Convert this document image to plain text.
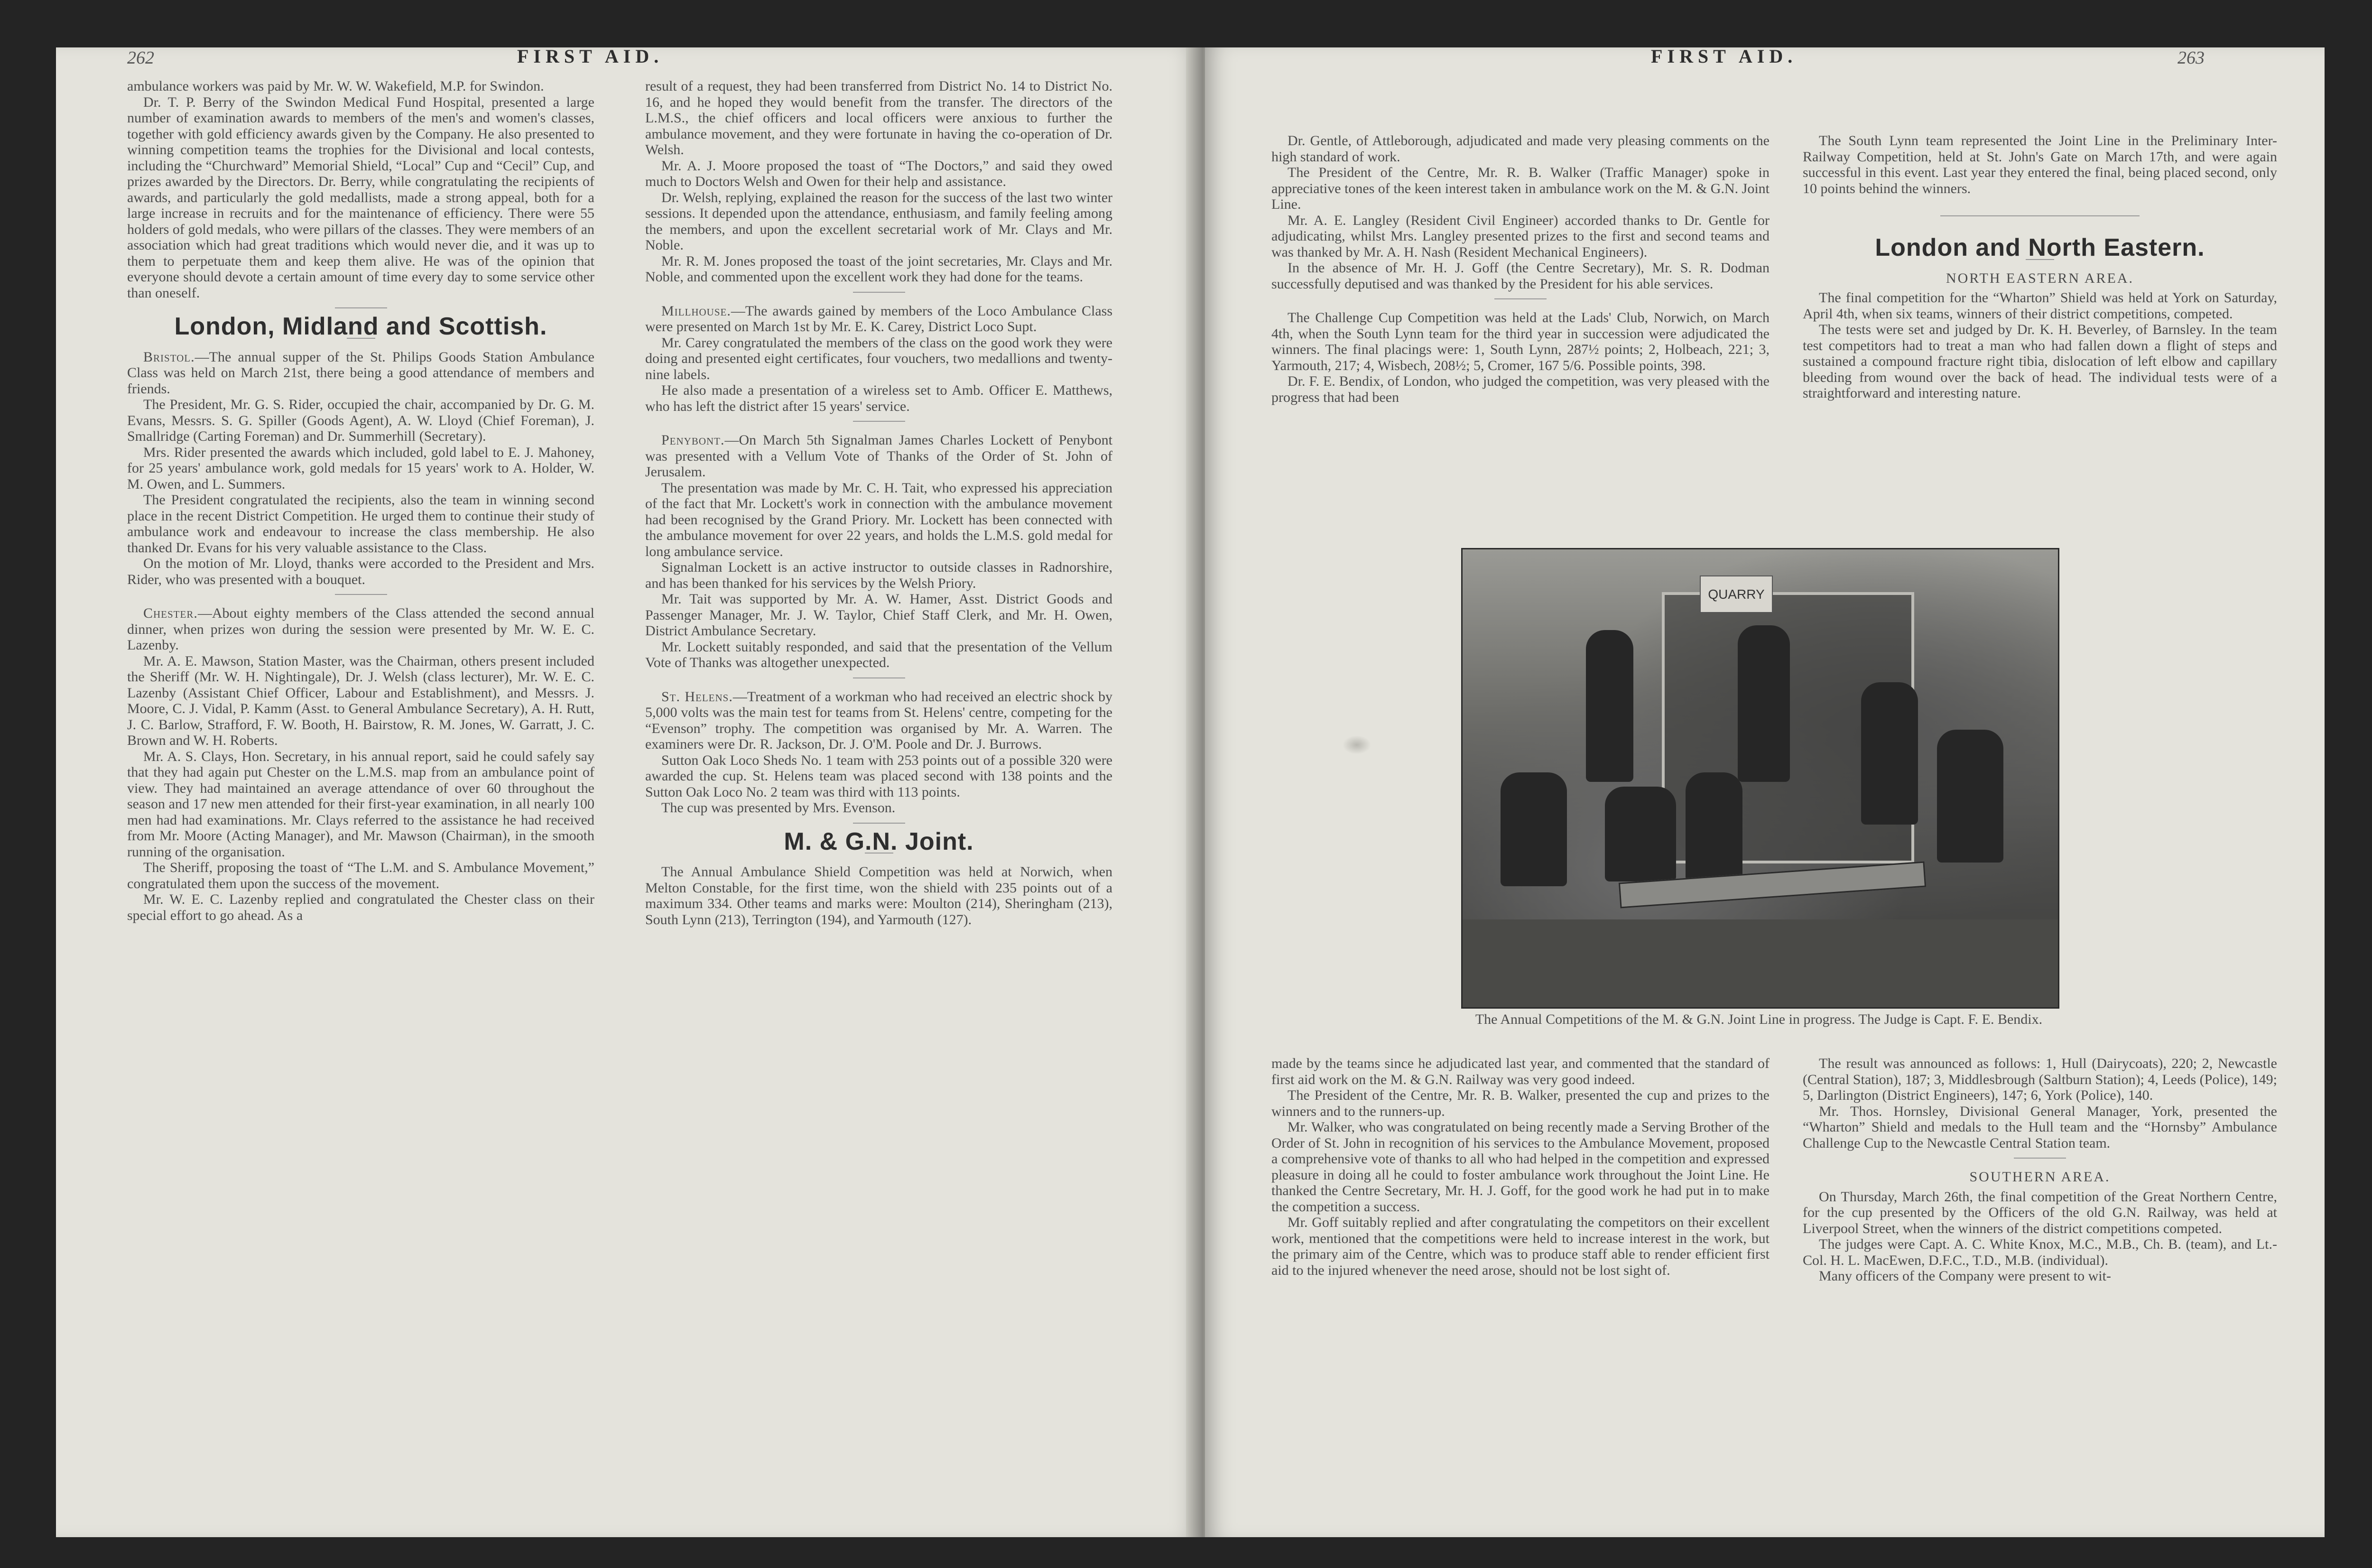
262	FIRST AID.

ambulance workers was paid by Mr. W. W. Wakefield, M.P. for Swindon.

Dr. T. P. Berry of the Swindon Medical Fund Hospital, presented a large number of examination awards to members of the men's and women's classes, together with gold efficiency awards given by the Company. He also presented to winning competition teams the trophies for the Divisional and local contests, including the “Churchward” Memorial Shield, “Local” Cup and “Cecil” Cup, and prizes awarded by the Directors. Dr. Berry, while congratulating the recipients of awards, and particularly the gold medallists, made a strong appeal, both for a large increase in recruits and for the maintenance of efficiency. There were 55 holders of gold medals, who were pillars of the classes. They were members of an association which had great traditions which would never die, and it was up to them to perpetuate them and keep them alive. He was of the opinion that everyone should devote a certain amount of time every day to some service other than oneself.

London, Midland and Scottish.

Bristol.—The annual supper of the St. Philips Goods Station Ambulance Class was held on March 21st, there being a good attendance of members and friends.

The President, Mr. G. S. Rider, occupied the chair, accompanied by Dr. G. M. Evans, Messrs. S. G. Spiller (Goods Agent), A. W. Lloyd (Chief Foreman), J. Smallridge (Carting Foreman) and Dr. Summerhill (Secretary).

Mrs. Rider presented the awards which included, gold label to E. J. Mahoney, for 25 years' ambulance work, gold medals for 15 years' work to A. Holder, W. M. Owen, and L. Summers.

The President congratulated the recipients, also the team in winning second place in the recent District Competition. He urged them to continue their study of ambulance work and endeavour to increase the class membership. He also thanked Dr. Evans for his very valuable assistance to the Class.

On the motion of Mr. Lloyd, thanks were accorded to the President and Mrs. Rider, who was presented with a bouquet.

Chester.—About eighty members of the Class attended the second annual dinner, when prizes won during the session were presented by Mr. W. E. C. Lazenby.

Mr. A. E. Mawson, Station Master, was the Chairman, others present included the Sheriff (Mr. W. H. Nightingale), Dr. J. Welsh (class lecturer), Mr. W. E. C. Lazenby (Assistant Chief Officer, Labour and Establishment), and Messrs. J. Moore, C. J. Vidal, P. Kamm (Asst. to General Ambulance Secretary), A. H. Rutt, J. C. Barlow, Strafford, F. W. Booth, H. Bairstow, R. M. Jones, W. Garratt, J. C. Brown and W. H. Roberts.

Mr. A. S. Clays, Hon. Secretary, in his annual report, said he could safely say that they had again put Chester on the L.M.S. map from an ambulance point of view. They had maintained an average attendance of over 60 throughout the season and 17 new men attended for their first-year examination, in all nearly 100 men had had examinations. Mr. Clays referred to the assistance he had received from Mr. Moore (Acting Manager), and Mr. Mawson (Chairman), in the smooth running of the organisation.

The Sheriff, proposing the toast of “The L.M. and S. Ambulance Movement,” congratulated them upon the success of the movement.

Mr. W. E. C. Lazenby replied and congratulated the Chester class on their special effort to go ahead. As a

result of a request, they had been transferred from District No. 14 to District No. 16, and he hoped they would benefit from the transfer. The directors of the L.M.S., the chief officers and local officers were anxious to further the ambulance movement, and they were fortunate in having the co-operation of Dr. Welsh.

Mr. A. J. Moore proposed the toast of “The Doctors,” and said they owed much to Doctors Welsh and Owen for their help and assistance.

Dr. Welsh, replying, explained the reason for the success of the last two winter sessions. It depended upon the attendance, enthusiasm, and family feeling among the members, and upon the excellent secretarial work of Mr. Clays and Mr. Noble.

Mr. R. M. Jones proposed the toast of the joint secretaries, Mr. Clays and Mr. Noble, and commented upon the excellent work they had done for the teams.

Millhouse.—The awards gained by members of the Loco Ambulance Class were presented on March 1st by Mr. E. K. Carey, District Loco Supt.

Mr. Carey congratulated the members of the class on the good work they were doing and presented eight certificates, four vouchers, two medallions and twenty-nine labels.

He also made a presentation of a wireless set to Amb. Officer E. Matthews, who has left the district after 15 years' service.

Penybont.—On March 5th Signalman James Charles Lockett of Penybont was presented with a Vellum Vote of Thanks of the Order of St. John of Jerusalem.

The presentation was made by Mr. C. H. Tait, who expressed his appreciation of the fact that Mr. Lockett's work in connection with the ambulance movement had been recognised by the Grand Priory. Mr. Lockett has been connected with the ambulance movement for over 22 years, and holds the L.M.S. gold medal for long ambulance service.

Signalman Lockett is an active instructor to outside classes in Radnorshire, and has been thanked for his services by the Welsh Priory.

Mr. Tait was supported by Mr. A. W. Hamer, Asst. District Goods and Passenger Manager, Mr. J. W. Taylor, Chief Staff Clerk, and Mr. H. Owen, District Ambulance Secretary.

Mr. Lockett suitably responded, and said that the presentation of the Vellum Vote of Thanks was altogether unexpected.

St. Helens.—Treatment of a workman who had received an electric shock by 5,000 volts was the main test for teams from St. Helens' centre, competing for the “Evenson” trophy. The competition was organised by Mr. A. Warren. The examiners were Dr. R. Jackson, Dr. J. O'M. Poole and Dr. J. Burrows.

Sutton Oak Loco Sheds No. 1 team with 253 points out of a possible 320 were awarded the cup. St. Helens team was placed second with 138 points and the Sutton Oak Loco No. 2 team was third with 113 points.

The cup was presented by Mrs. Evenson.

M. & G.N. Joint.

The Annual Ambulance Shield Competition was held at Norwich, when Melton Constable, for the first time, won the shield with 235 points out of a maximum 334. Other teams and marks were: Moulton (214), Sheringham (213), South Lynn (213), Terrington (194), and Yarmouth (127).

FIRST AID.	263

Dr. Gentle, of Attleborough, adjudicated and made very pleasing comments on the high standard of work.

The President of the Centre, Mr. R. B. Walker (Traffic Manager) spoke in appreciative tones of the keen interest taken in ambulance work on the M. & G.N. Joint Line.

Mr. A. E. Langley (Resident Civil Engineer) accorded thanks to Dr. Gentle for adjudicating, whilst Mrs. Langley presented prizes to the first and second teams and was thanked by Mr. A. H. Nash (Resident Mechanical Engineers).

In the absence of Mr. H. J. Goff (the Centre Secretary), Mr. S. R. Dodman successfully deputised and was thanked by the President for his able services.

The Challenge Cup Competition was held at the Lads' Club, Norwich, on March 4th, when the South Lynn team for the third year in succession were adjudicated the winners. The final placings were: 1, South Lynn, 287½ points; 2, Holbeach, 221; 3, Yarmouth, 217; 4, Wisbech, 208½; 5, Cromer, 167 5/6. Possible points, 398.

Dr. F. E. Bendix, of London, who judged the competition, was very pleased with the progress that had been

The South Lynn team represented the Joint Line in the Preliminary Inter-Railway Competition, held at St. John's Gate on March 17th, and were again successful in this event. Last year they entered the final, being placed second, only 10 points behind the winners.

London and North Eastern.
NORTH EASTERN AREA.

The final competition for the “Wharton” Shield was held at York on Saturday, April 4th, when six teams, winners of their district competitions, competed.

The tests were set and judged by Dr. K. H. Beverley, of Barnsley. In the team test competitors had to treat a man who had fallen down a flight of steps and sustained a compound fracture right tibia, dislocation of left elbow and capillary bleeding from wound over the back of head. The individual tests were of a straightforward and interesting nature.

QUARRY
The Annual Competitions of the M. & G.N. Joint Line in progress. The Judge is Capt. F. E. Bendix.

made by the teams since he adjudicated last year, and commented that the standard of first aid work on the M. & G.N. Railway was very good indeed.

The President of the Centre, Mr. R. B. Walker, presented the cup and prizes to the winners and to the runners-up.

Mr. Walker, who was congratulated on being recently made a Serving Brother of the Order of St. John in recognition of his services to the Ambulance Movement, proposed a comprehensive vote of thanks to all who had helped in the competition and expressed pleasure in doing all he could to foster ambulance work throughout the Joint Line. He thanked the Centre Secretary, Mr. H. J. Goff, for the good work he had put in to make the competition a success.

Mr. Goff suitably replied and after congratulating the competitors on their excellent work, mentioned that the competitions were held to increase interest in the work, but the primary aim of the Centre, which was to produce staff able to render efficient first aid to the injured whenever the need arose, should not be lost sight of.

The result was announced as follows: 1, Hull (Dairycoats), 220; 2, Newcastle (Central Station), 187; 3, Middlesbrough (Saltburn Station); 4, Leeds (Police), 149; 5, Darlington (District Engineers), 147; 6, York (Police), 140.

Mr. Thos. Hornsley, Divisional General Manager, York, presented the “Wharton” Shield and medals to the Hull team and the “Hornsby” Ambulance Challenge Cup to the Newcastle Central Station team.

SOUTHERN AREA.

On Thursday, March 26th, the final competition of the Great Northern Centre, for the cup presented by the Officers of the old G.N. Railway, was held at Liverpool Street, when the winners of the district competitions competed.

The judges were Capt. A. C. White Knox, M.C., M.B., Ch. B. (team), and Lt.-Col. H. L. MacEwen, D.F.C., T.D., M.B. (individual).

Many officers of the Company were present to wit-
